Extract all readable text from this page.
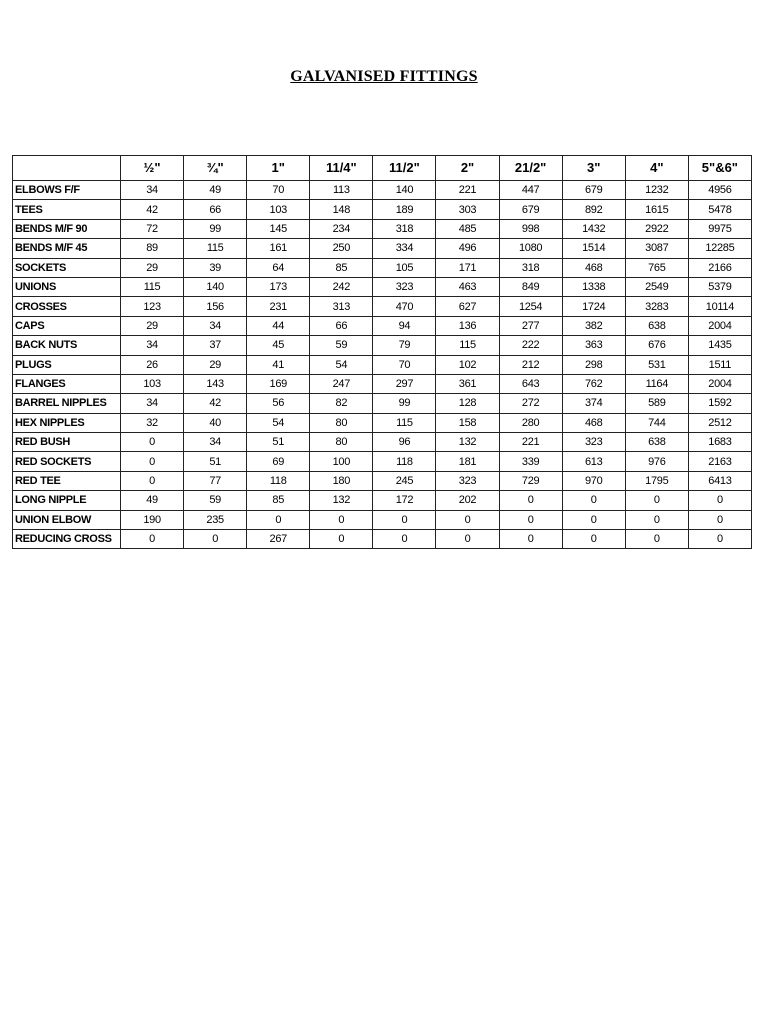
GALVANISED FITTINGS
	½"	¾"	1"	11/4"	11/2"	2"	21/2"	3"	4"	5"&6"
ELBOWS F/F	34	49	70	113	140	221	447	679	1232	4956
TEES	42	66	103	148	189	303	679	892	1615	5478
BENDS M/F 90	72	99	145	234	318	485	998	1432	2922	9975
BENDS M/F 45	89	115	161	250	334	496	1080	1514	3087	12285
SOCKETS	29	39	64	85	105	171	318	468	765	2166
UNIONS	115	140	173	242	323	463	849	1338	2549	5379
CROSSES	123	156	231	313	470	627	1254	1724	3283	10114
CAPS	29	34	44	66	94	136	277	382	638	2004
BACK NUTS	34	37	45	59	79	115	222	363	676	1435
PLUGS	26	29	41	54	70	102	212	298	531	1511
FLANGES	103	143	169	247	297	361	643	762	1164	2004
BARREL NIPPLES	34	42	56	82	99	128	272	374	589	1592
HEX NIPPLES	32	40	54	80	115	158	280	468	744	2512
RED BUSH	0	34	51	80	96	132	221	323	638	1683
RED SOCKETS	0	51	69	100	118	181	339	613	976	2163
RED TEE	0	77	118	180	245	323	729	970	1795	6413
LONG NIPPLE	49	59	85	132	172	202	0	0	0	0
UNION ELBOW	190	235	0	0	0	0	0	0	0	0
REDUCING CROSS	0	0	267	0	0	0	0	0	0	0
